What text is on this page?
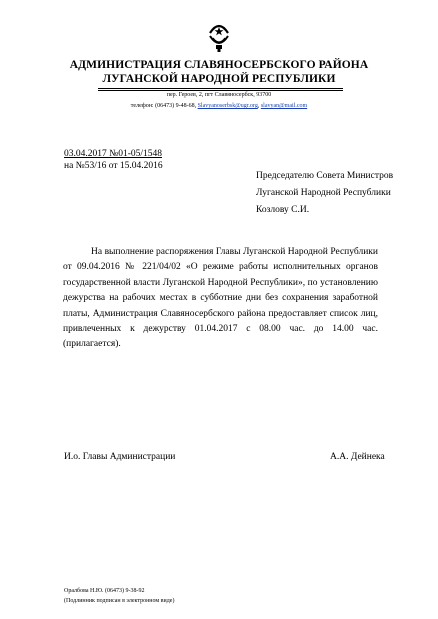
АДМИНИСТРАЦИЯ СЛАВЯНОСЕРБСКОГО РАЙОНА
ЛУГАНСКОЙ НАРОДНОЙ РЕСПУБЛИКИ
пер. Героев, 2, пгт Славяносербск, 93700
телефон: (06473) 9-48-68, Slavyanoserbsk@ugr.org, slavyan@mail.com
03.04.2017 №01-05/1548
на №53/16 от 15.04.2016
Председателю Совета Министров
Луганской Народной Республики
Козлову С.И.
На выполнение распоряжения Главы Луганской Народной Республики от 09.04.2016 № 221/04/02 «О режиме работы исполнительных органов государственной власти Луганской Народной Республики», по установлению дежурства на рабочих местах в субботние дни без сохранения заработной платы, Администрация Славяносербского района предоставляет список лиц, привлеченных к дежурству 01.04.2017 с 08.00 час. до 14.00 час. (прилагается).
И.о. Главы Администрации	А.А. Дейнека
Оралбова Н.Ю. (06473) 9-38-92
(Подлинник подписан в электронном виде)
